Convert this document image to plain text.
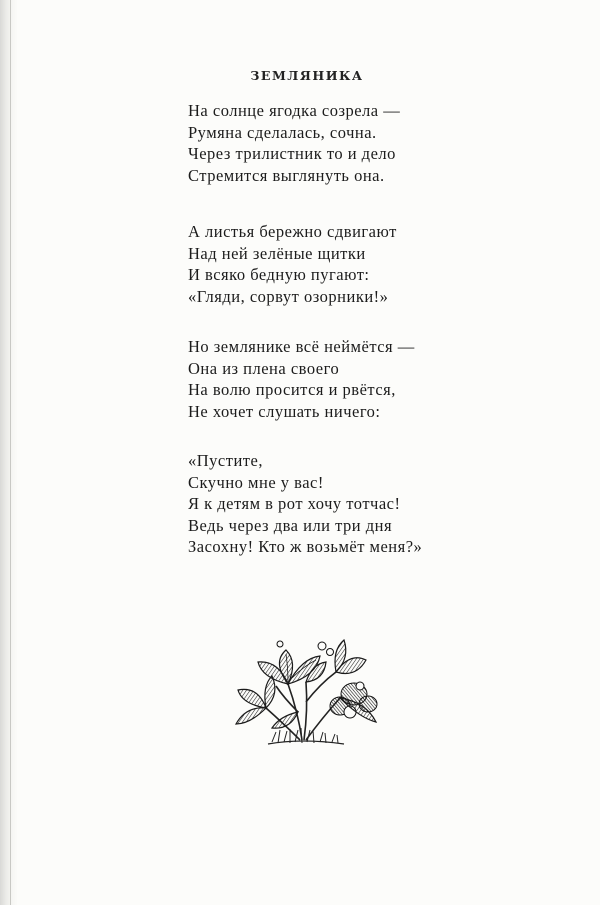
ЗЕМЛЯНИКА
На солнце ягодка созрела —
Румяна сделалась, сочна.
Через трилистник то и дело
Стремится выглянуть она.
А листья бережно сдвигают
Над ней зелёные щитки
И всяко бедную пугают:
«Гляди, сорвут озорники!»
Но землянике всё неймётся —
Она из плена своего
На волю просится и рвётся,
Не хочет слушать ничего:
«Пустите,
Скучно мне у вас!
Я к детям в рот хочу тотчас!
Ведь через два или три дня
Засохну! Кто ж возьмёт меня?»
